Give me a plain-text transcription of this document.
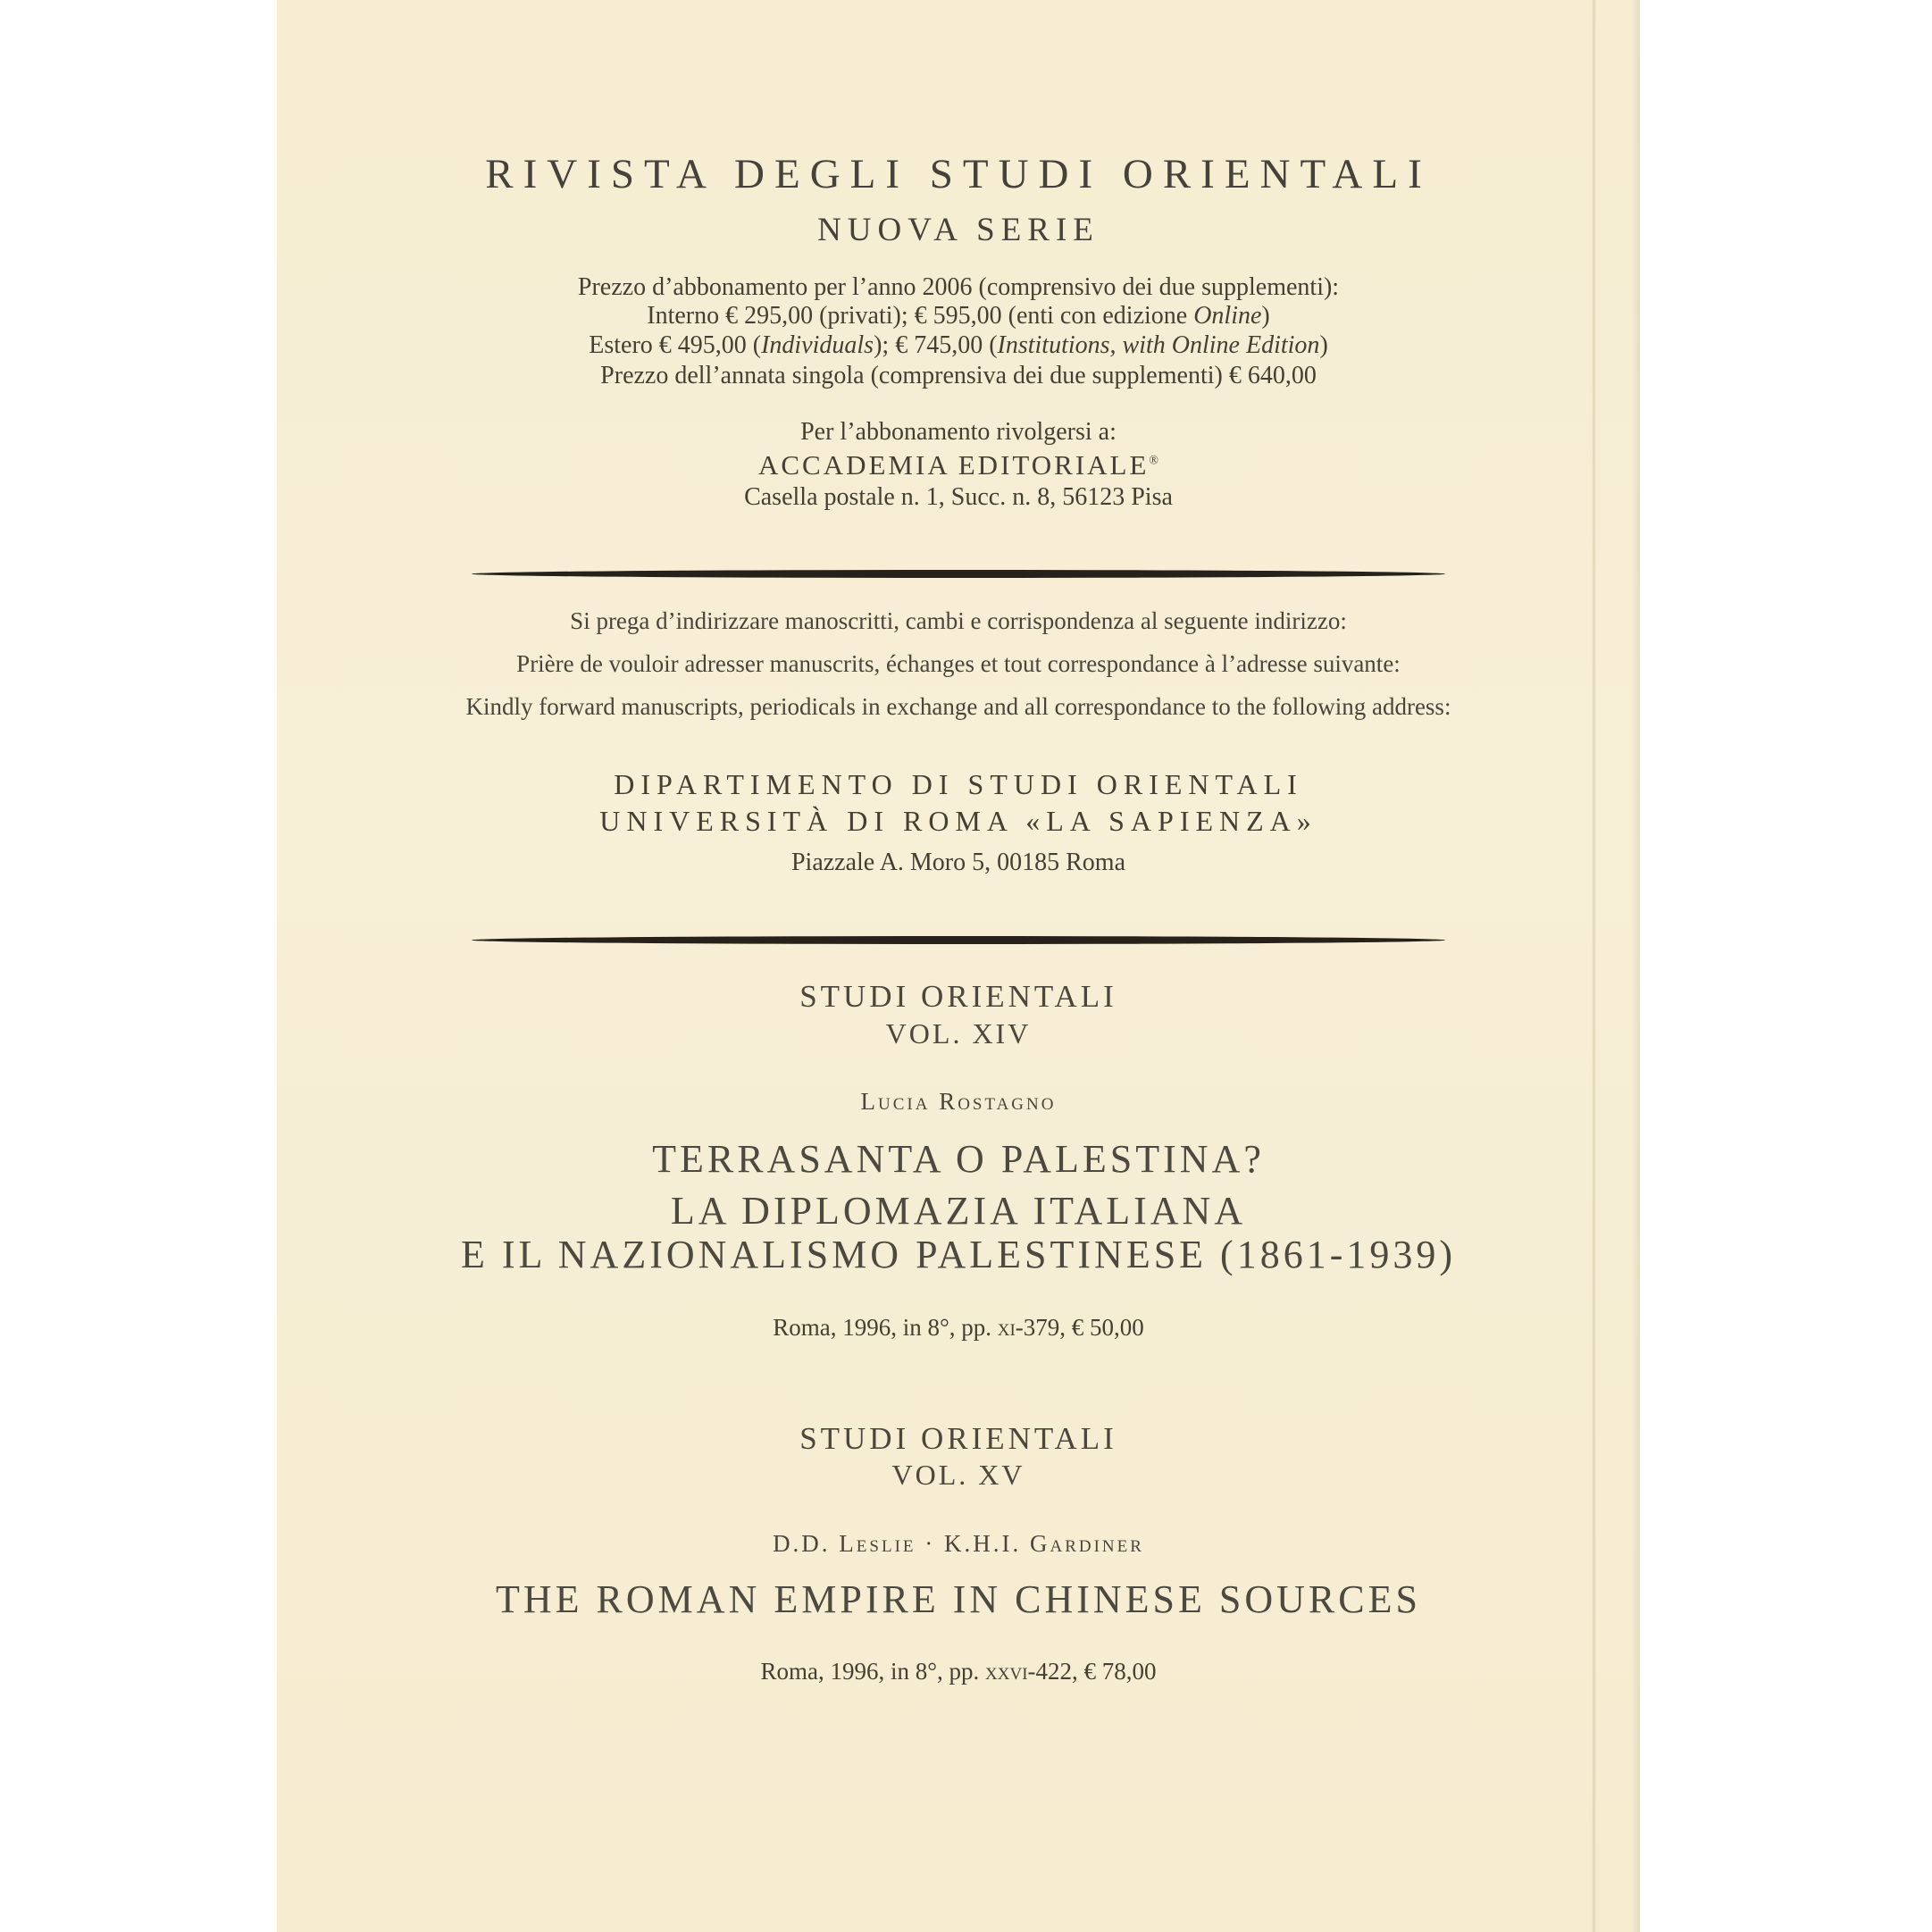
RIVISTA DEGLI STUDI ORIENTALI
NUOVA SERIE
Prezzo d’abbonamento per l’anno 2006 (comprensivo dei due supplementi):
Interno € 295,00 (privati); € 595,00 (enti con edizione Online)
Estero € 495,00 (Individuals); € 745,00 (Institutions, with Online Edition)
Prezzo dell’annata singola (comprensiva dei due supplementi) € 640,00
Per l’abbonamento rivolgersi a:
ACCADEMIA EDITORIALE®
Casella postale n. 1, Succ. n. 8, 56123 Pisa
Si prega d’indirizzare manoscritti, cambi e corrispondenza al seguente indirizzo:
Prière de vouloir adresser manuscrits, échanges et tout correspondance à l’adresse suivante:
Kindly forward manuscripts, periodicals in exchange and all correspondance to the following address:
DIPARTIMENTO DI STUDI ORIENTALI
UNIVERSITÀ DI ROMA «LA SAPIENZA»
Piazzale A. Moro 5, 00185 Roma
STUDI ORIENTALI
VOL. XIV
Lucia Rostagno
TERRASANTA O PALESTINA?
LA DIPLOMAZIA ITALIANA
E IL NAZIONALISMO PALESTINESE (1861-1939)
Roma, 1996, in 8°, pp. xi-379, € 50,00
STUDI ORIENTALI
VOL. XV
D.D. Leslie · K.H.I. Gardiner
THE ROMAN EMPIRE IN CHINESE SOURCES
Roma, 1996, in 8°, pp. xxvi-422, € 78,00
